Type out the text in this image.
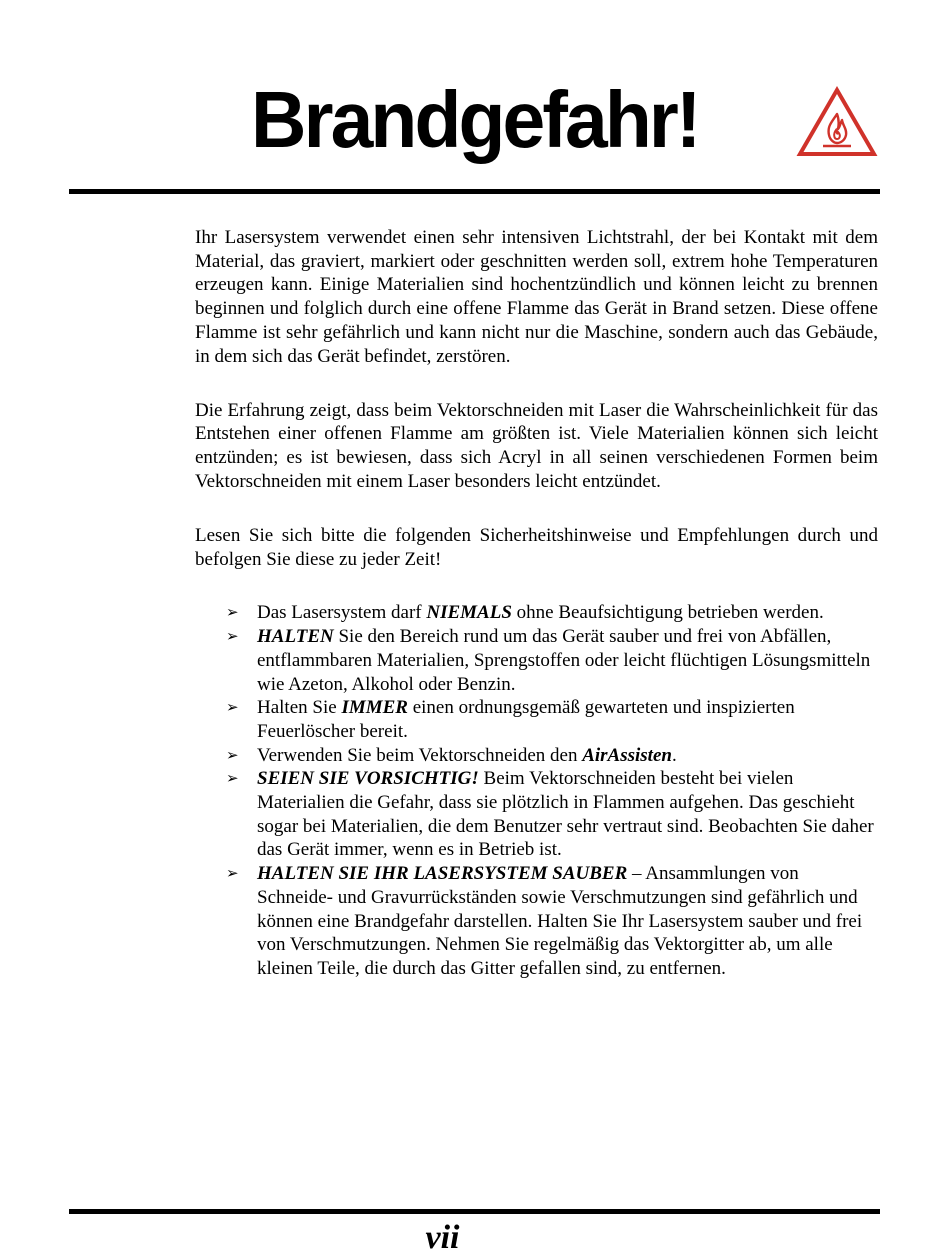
Brandgefahr!

Ihr Lasersystem verwendet einen sehr intensiven Lichtstrahl, der bei Kontakt mit dem Material, das graviert, markiert oder geschnitten werden soll, extrem hohe Temperaturen erzeugen kann. Einige Materialien sind hochentzündlich und können leicht zu brennen beginnen und folglich durch eine offene Flamme das Gerät in Brand setzen. Diese offene Flamme ist sehr gefährlich und kann nicht nur die Maschine, sondern auch das Gebäude, in dem sich das Gerät befindet, zerstören.

Die Erfahrung zeigt, dass beim Vektorschneiden mit Laser die Wahrscheinlichkeit für das Entstehen einer offenen Flamme am größten ist. Viele Materialien können sich leicht entzünden; es ist bewiesen, dass sich Acryl in all seinen verschiedenen Formen beim Vektorschneiden mit einem Laser besonders leicht entzündet.

Lesen Sie sich bitte die folgenden Sicherheitshinweise und Empfehlungen durch und befolgen Sie diese zu jeder Zeit!

➢ Das Lasersystem darf NIEMALS ohne Beaufsichtigung betrieben werden.
➢ HALTEN Sie den Bereich rund um das Gerät sauber und frei von Abfällen, entflammbaren Materialien, Sprengstoffen oder leicht flüchtigen Lösungsmitteln wie Azeton, Alkohol oder Benzin.
➢ Halten Sie IMMER einen ordnungsgemäß gewarteten und inspizierten Feuerlöscher bereit.
➢ Verwenden Sie beim Vektorschneiden den AirAssisten.
➢ SEIEN SIE VORSICHTIG! Beim Vektorschneiden besteht bei vielen Materialien die Gefahr, dass sie plötzlich in Flammen aufgehen. Das geschieht sogar bei Materialien, die dem Benutzer sehr vertraut sind. Beobachten Sie daher das Gerät immer, wenn es in Betrieb ist.
➢ HALTEN SIE IHR LASERSYSTEM SAUBER – Ansammlungen von Schneide- und Gravurrückständen sowie Verschmutzungen sind gefährlich und können eine Brandgefahr darstellen. Halten Sie Ihr Lasersystem sauber und frei von Verschmutzungen. Nehmen Sie regelmäßig das Vektorgitter ab, um alle kleinen Teile, die durch das Gitter gefallen sind, zu entfernen.
vii
